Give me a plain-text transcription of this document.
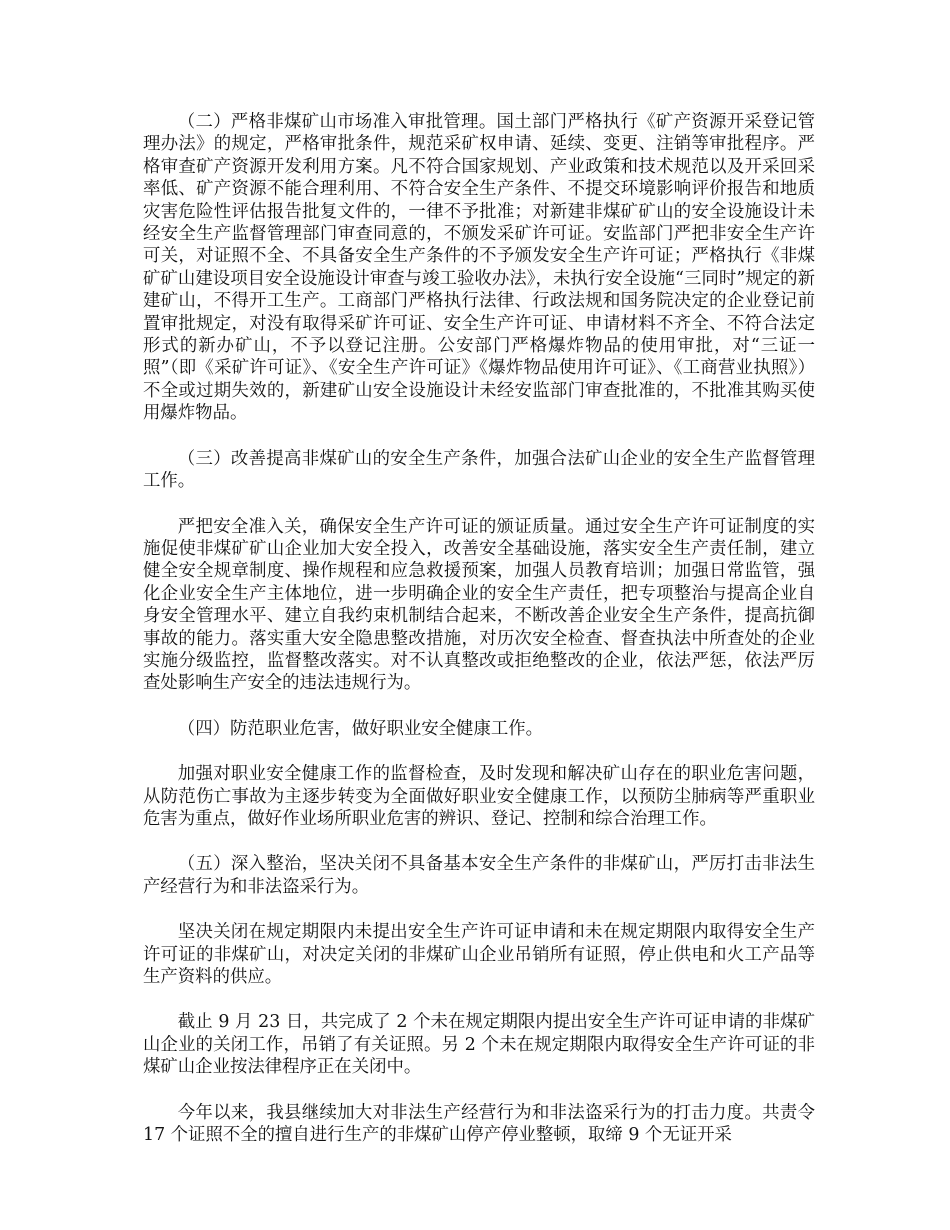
（二）严格非煤矿山市场准入审批管理。国土部门严格执行《矿产资源开采登记管理办法》的规定，严格审批条件，规范采矿权申请、延续、变更、注销等审批程序。严格审查矿产资源开发利用方案。凡不符合国家规划、产业政策和技术规范以及开采回采率低、矿产资源不能合理利用、不符合安全生产条件、不提交环境影响评价报告和地质灾害危险性评估报告批复文件的，一律不予批准；对新建非煤矿矿山的安全设施设计未经安全生产监督管理部门审查同意的，不颁发采矿许可证。安监部门严把非安全生产许可关，对证照不全、不具备安全生产条件的不予颁发安全生产许可证；严格执行《非煤矿矿山建设项目安全设施设计审查与竣工验收办法》，未执行安全设施“三同时”规定的新建矿山，不得开工生产。工商部门严格执行法律、行政法规和国务院决定的企业登记前置审批规定，对没有取得采矿许可证、安全生产许可证、申请材料不齐全、不符合法定形式的新办矿山，不予以登记注册。公安部门严格爆炸物品的使用审批，对“三证一照”（即《采矿许可证》、《安全生产许可证》《爆炸物品使用许可证》、《工商营业执照》）不全或过期失效的，新建矿山安全设施设计未经安监部门审查批准的，不批准其购买使用爆炸物品。

（三）改善提高非煤矿山的安全生产条件，加强合法矿山企业的安全生产监督管理工作。

严把安全准入关，确保安全生产许可证的颁证质量。通过安全生产许可证制度的实施促使非煤矿矿山企业加大安全投入，改善安全基础设施，落实安全生产责任制，建立健全安全规章制度、操作规程和应急救援预案，加强人员教育培训；加强日常监管，强化企业安全生产主体地位，进一步明确企业的安全生产责任，把专项整治与提高企业自身安全管理水平、建立自我约束机制结合起来，不断改善企业安全生产条件，提高抗御事故的能力。落实重大安全隐患整改措施，对历次安全检查、督查执法中所查处的企业实施分级监控，监督整改落实。对不认真整改或拒绝整改的企业，依法严惩，依法严厉查处影响生产安全的违法违规行为。

（四）防范职业危害，做好职业安全健康工作。

加强对职业安全健康工作的监督检查，及时发现和解决矿山存在的职业危害问题，从防范伤亡事故为主逐步转变为全面做好职业安全健康工作，以预防尘肺病等严重职业危害为重点，做好作业场所职业危害的辨识、登记、控制和综合治理工作。

（五）深入整治，坚决关闭不具备基本安全生产条件的非煤矿山，严厉打击非法生产经营行为和非法盗采行为。

坚决关闭在规定期限内未提出安全生产许可证申请和未在规定期限内取得安全生产许可证的非煤矿山，对决定关闭的非煤矿山企业吊销所有证照，停止供电和火工产品等生产资料的供应。

截止 9 月 23 日，共完成了 2 个未在规定期限内提出安全生产许可证申请的非煤矿山企业的关闭工作，吊销了有关证照。另 2 个未在规定期限内取得安全生产许可证的非煤矿山企业按法律程序正在关闭中。

今年以来，我县继续加大对非法生产经营行为和非法盗采行为的打击力度。共责令 17 个证照不全的擅自进行生产的非煤矿山停产停业整顿，取缔 9 个无证开采
